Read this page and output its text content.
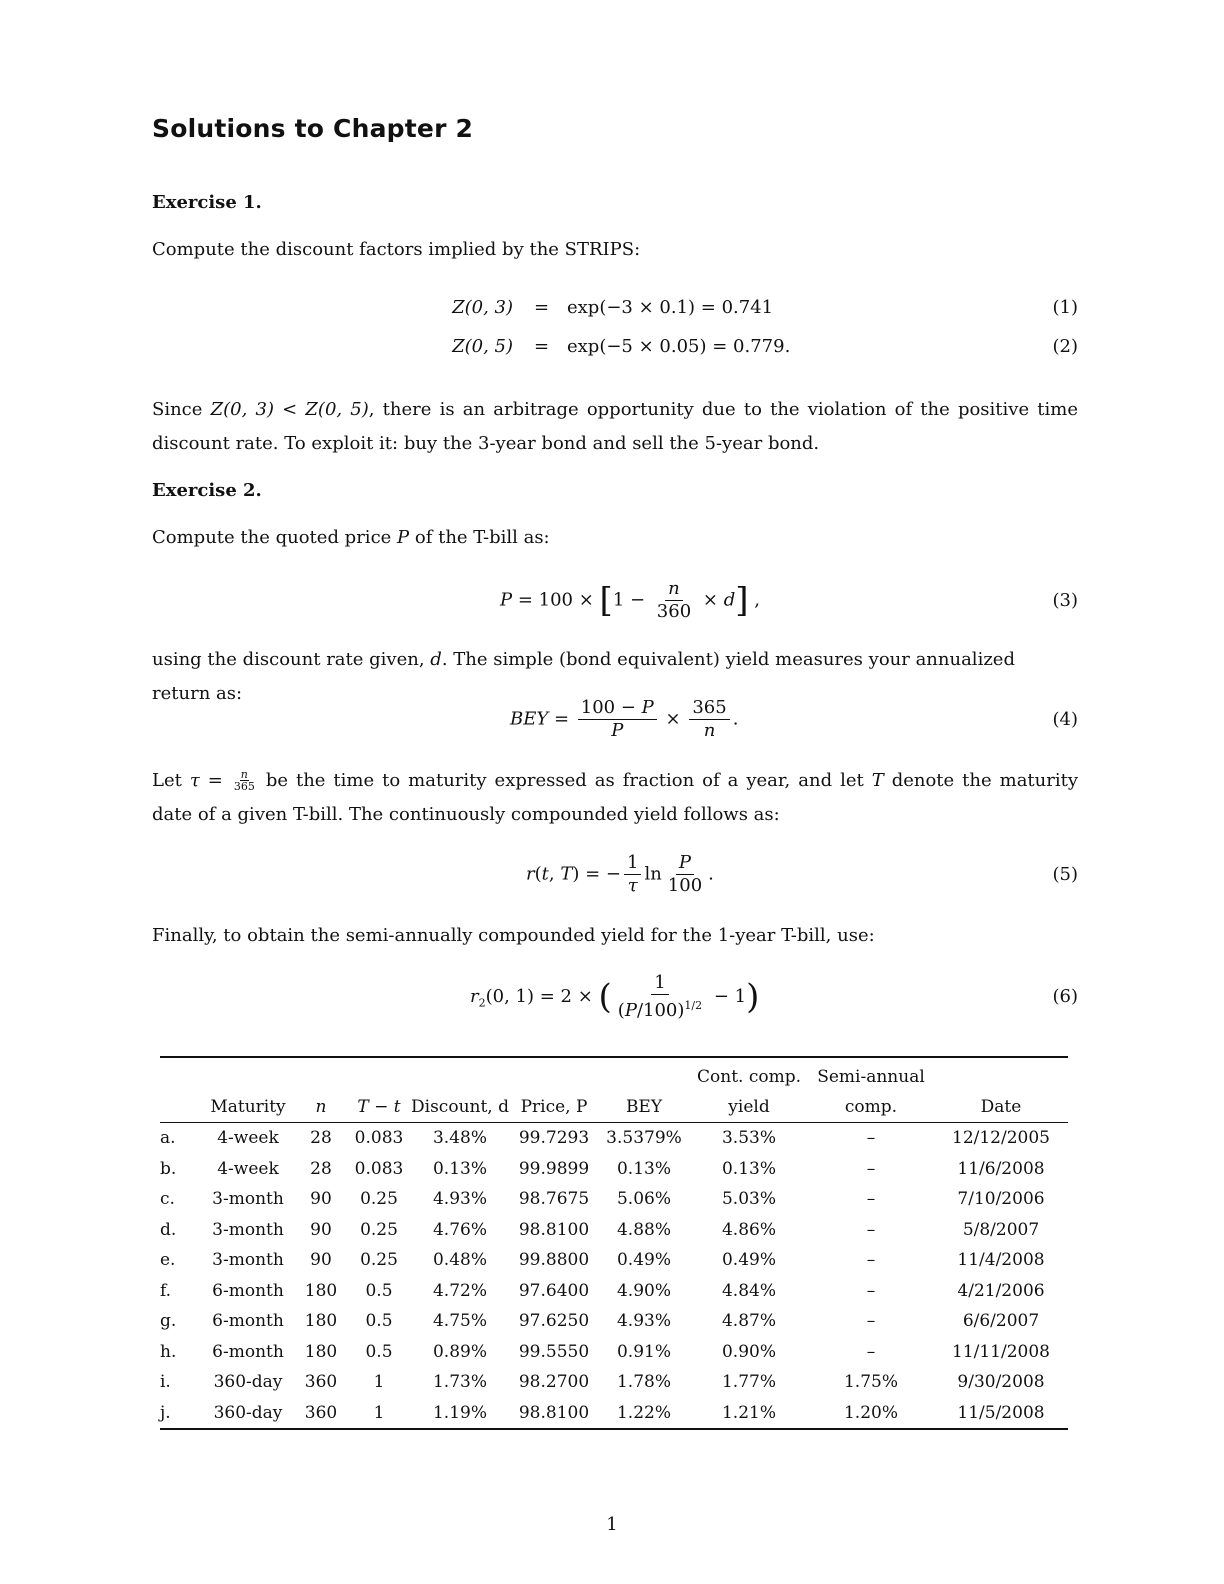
Solutions to Chapter 2
Exercise 1.
Compute the discount factors implied by the STRIPS:
Z(0, 3) = exp(−3 × 0.1) = 0.741	(1)
Z(0, 5) = exp(−5 × 0.05) = 0.779.	(2)
Since Z(0, 3) < Z(0, 5), there is an arbitrage opportunity due to the violation of the positive time discount rate. To exploit it: buy the 3-year bond and sell the 5-year bond.
Exercise 2.
Compute the quoted price P of the T-bill as:
$P = 100 \times [1 - \frac{n}{360} \times d]$ ,	(3)
using the discount rate given, d. The simple (bond equivalent) yield measures your annualized return as:
BEY = $\frac{100 - P}{P} \times \frac{365}{n}$ .	(4)
Let $\tau = \frac{n}{365}$ be the time to maturity expressed as fraction of a year, and let T denote the maturity date of a given T-bill. The continuously compounded yield follows as:
r(t, T) = − $\frac{1}{\tau}$ $\ln \frac{P}{100}$ .	(5)
Finally, to obtain the semi-annually compounded yield for the 1-year T-bill, use:
$r_2(0$, 1) = 2 × ( $\frac{1}{(P/100)^{1/2}} - 1$)	(6)
							Cont. comp.	Semi-annual	
	Maturity	n	T − t	Discount, d	Price, P	BEY	yield	comp.	Date
a.	4-week	28	0.083	3.48%	99.7293	3.5379%	3.53%	–	12/12/2005
b.	4-week	28	0.083	0.13%	99.9899	0.13%	0.13%	–	11/6/2008
c.	3-month	90	0.25	4.93%	98.7675	5.06%	5.03%	–	7/10/2006
d.	3-month	90	0.25	4.76%	98.8100	4.88%	4.86%	–	5/8/2007
e.	3-month	90	0.25	0.48%	99.8800	0.49%	0.49%	–	11/4/2008
f.	6-month	180	0.5	4.72%	97.6400	4.90%	4.84%	–	4/21/2006
g.	6-month	180	0.5	4.75%	97.6250	4.93%	4.87%	–	6/6/2007
h.	6-month	180	0.5	0.89%	99.5550	0.91%	0.90%	–	11/11/2008
i.	360-day	360	1	1.73%	98.2700	1.78%	1.77%	1.75%	9/30/2008
j.	360-day	360	1	1.19%	98.8100	1.22%	1.21%	1.20%	11/5/2008
1
